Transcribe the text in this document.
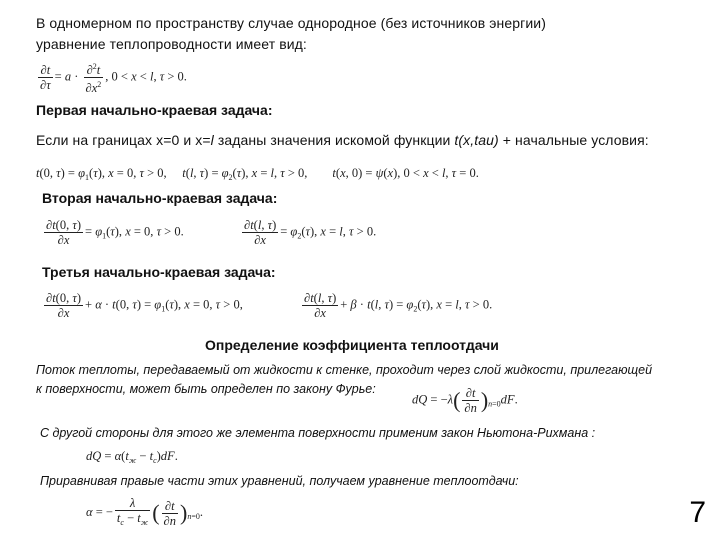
В одномерном по пространству случае однородное (без источников энергии)
уравнение теплопроводности имеет вид:
$\frac{\partial t}{\partial\tau} = a \cdot \frac{\partial^2t}{\partial x^2}$ , 0 < x < l, τ > 0.
Первая начально-краевая задача:
Если на границах x=0 и x=l заданы значения искомой функции t(x,tau) + начальные условия:
t(0, $\tau) = \varphi_1(\tau)$, x = 0, τ > 0,     t(l, $\tau) = \varphi_2(\tau)$, x = l, τ > 0,        t(x, 0) = ψ(x), 0 < x < l, τ = 0.
Вторая начально-краевая задача:
$\frac{\partial t(0, \tau)}{\partial x} = \varphi_1(\tau)$, x = 0, τ > 0.	$\frac{\partial t(l, \tau)}{\partial x} = \varphi_2(\tau)$, x = l, τ > 0.
Третья начально-краевая задача:
$\frac{\partial t(0, \tau)}{\partial x} + \alpha \cdot t(0$, $\tau) = \varphi_1(\tau)$, x = 0, τ > 0,	$\frac{\partial t(l, \tau)}{\partial x} + \beta \cdot t(l$, $\tau) = \varphi_2(\tau)$, x = l, τ > 0.
Определение коэффициента теплоотдачи
Поток теплоты, передаваемый от жидкости к стенке, проходит через слой жидкости, прилегающей
к поверхности, может быть определен по закону Фурье:
dQ = $-\lambda( \frac{\partial t}{\partial n} )_{n=0}dF$.
С другой стороны для этого же элемента поверхности применим закон Ньютона-Рихмана :
dQ = $\alpha(t_ж - t_c)dF$.
Приравнивая правые части этих уравнений, получаем уравнение теплоотдачи:
α = − $\frac{\lambda}{t_c - t_ж}$ ( $\frac{\partial t}{\partial n} )_{n=0}$.	7
